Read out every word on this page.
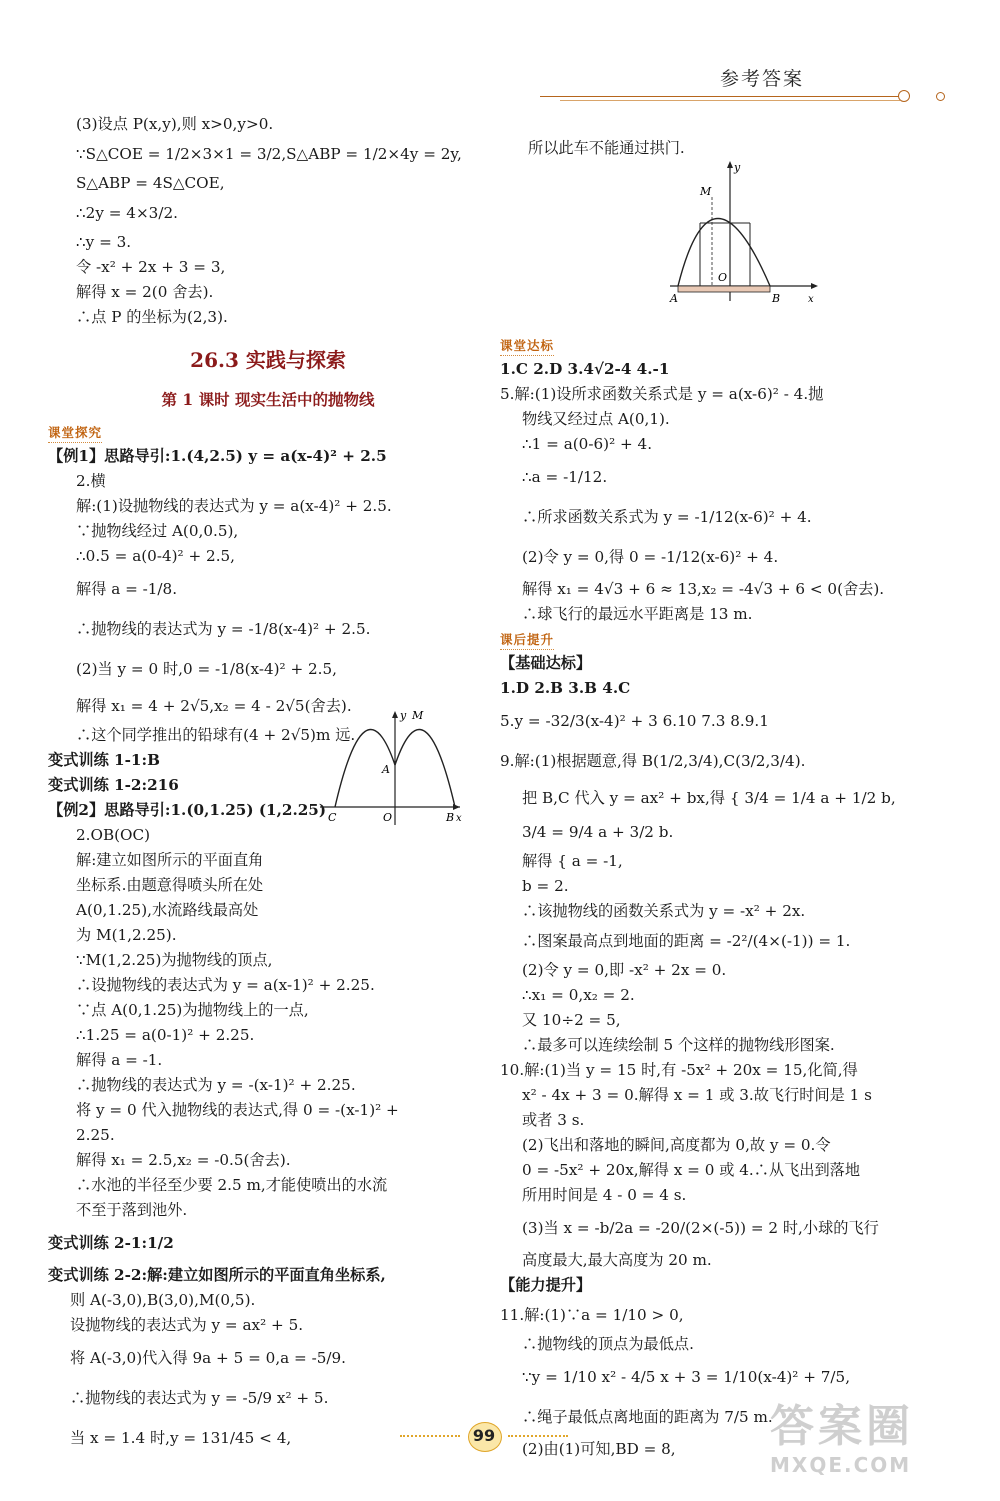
参考答案
(3)设点 P(x,y),则 x>0,y>0.
∵S△COE = 1/2×3×1 = 3/2,S△ABP = 1/2×4y = 2y,
S△ABP = 4S△COE,
∴2y = 4×3/2.
∴y = 3.
令 -x² + 2x + 3 = 3,
解得 x = 2(0 舍去).
∴点 P 的坐标为(2,3).
26.3 实践与探索
第 1 课时 现实生活中的抛物线
课堂探究
【例1】思路导引:1.(4,2.5) y = a(x-4)² + 2.5
2.横
解:(1)设抛物线的表达式为 y = a(x-4)² + 2.5.
∵抛物线经过 A(0,0.5),
∴0.5 = a(0-4)² + 2.5,
解得 a = -1/8.
∴抛物线的表达式为 y = -1/8(x-4)² + 2.5.
(2)当 y = 0 时,0 = -1/8(x-4)² + 2.5,
解得 x₁ = 4 + 2√5,x₂ = 4 - 2√5(舍去).
∴这个同学推出的铅球有(4 + 2√5)m 远.
变式训练 1-1:B
变式训练 1-2:216
【例2】思路导引:1.(0,1.25) (1,2.25)
2.OB(OC)
解:建立如图所示的平面直角
坐标系.由题意得喷头所在处
A(0,1.25),水流路线最高处
为 M(1,2.25).
∵M(1,2.25)为抛物线的顶点,
∴设抛物线的表达式为 y = a(x-1)² + 2.25.
∵点 A(0,1.25)为抛物线上的一点,
∴1.25 = a(0-1)² + 2.25.
解得 a = -1.
∴抛物线的表达式为 y = -(x-1)² + 2.25.
将 y = 0 代入抛物线的表达式,得 0 = -(x-1)² +
2.25.
解得 x₁ = 2.5,x₂ = -0.5(舍去).
∴水池的半径至少要 2.5 m,才能使喷出的水流
不至于落到池外.
变式训练 2-1:1/2
变式训练 2-2:解:建立如图所示的平面直角坐标系,
则 A(-3,0),B(3,0),M(0,5).
设抛物线的表达式为 y = ax² + 5.
将 A(-3,0)代入得 9a + 5 = 0,a = -5/9.
∴抛物线的表达式为 y = -5/9 x² + 5.
当 x = 1.4 时,y = 131/45 < 4,
y M
A
C	O	B x
所以此车不能通过拱门.
y
M
O
A	B	x
课堂达标
1.C 2.D 3.4√2-4 4.-1
5.解:(1)设所求函数关系式是 y = a(x-6)² - 4.抛
物线又经过点 A(0,1).
∴1 = a(0-6)² + 4.
∴a = -1/12.
∴所求函数关系式为 y = -1/12(x-6)² + 4.
(2)令 y = 0,得 0 = -1/12(x-6)² + 4.
解得 x₁ = 4√3 + 6 ≈ 13,x₂ = -4√3 + 6 < 0(舍去).
∴球飞行的最远水平距离是 13 m.
课后提升
【基础达标】
1.D 2.B 3.B 4.C
5.y = -32/3(x-4)² + 3 6.10 7.3 8.9.1
9.解:(1)根据题意,得 B(1/2,3/4),C(3/2,3/4).
把 B,C 代入 y = ax² + bx,得 { 3/4 = 1/4 a + 1/2 b,
3/4 = 9/4 a + 3/2 b.
解得 { a = -1,
b = 2.
∴该抛物线的函数关系式为 y = -x² + 2x.
∴图案最高点到地面的距离 = -2²/(4×(-1)) = 1.
(2)令 y = 0,即 -x² + 2x = 0.
∴x₁ = 0,x₂ = 2.
又 10÷2 = 5,
∴最多可以连续绘制 5 个这样的抛物线形图案.
10.解:(1)当 y = 15 时,有 -5x² + 20x = 15,化简,得
x² - 4x + 3 = 0.解得 x = 1 或 3.故飞行时间是 1 s
或者 3 s.
(2)飞出和落地的瞬间,高度都为 0,故 y = 0.令
0 = -5x² + 20x,解得 x = 0 或 4.∴从飞出到落地
所用时间是 4 - 0 = 4 s.
(3)当 x = -b/2a = -20/(2×(-5)) = 2 时,小球的飞行
高度最大,最大高度为 20 m.
【能力提升】
11.解:(1)∵a = 1/10 > 0,
∴抛物线的顶点为最低点.
∵y = 1/10 x² - 4/5 x + 3 = 1/10(x-4)² + 7/5,
∴绳子最低点离地面的距离为 7/5 m.
(2)由(1)可知,BD = 8,
99	答案圈
MXQE.COM
